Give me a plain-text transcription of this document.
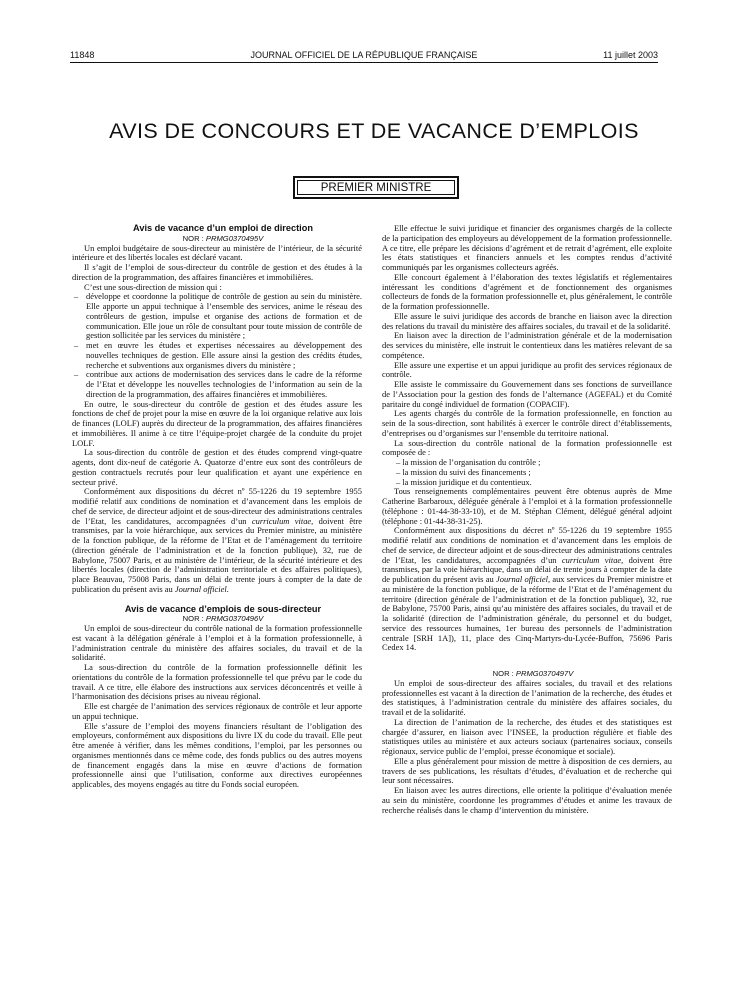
11848	JOURNAL OFFICIEL DE LA RÉPUBLIQUE FRANÇAISE	11 juillet 2003
AVIS DE CONCOURS ET DE VACANCE D’EMPLOIS
PREMIER MINISTRE

Avis de vacance d’un emploi de direction

NOR : PRMG0370495V

Un emploi budgétaire de sous-directeur au ministère de l’intérieur, de la sécurité intérieure et des libertés locales est déclaré vacant.

Il s’agit de l’emploi de sous-directeur du contrôle de gestion et des études à la direction de la programmation, des affaires financières et immobilières.

C’est une sous-direction de mission qui :

– développe et coordonne la politique de contrôle de gestion au sein du ministère. Elle apporte un appui technique à l’ensemble des services, anime le réseau des contrôleurs de gestion, impulse et organise des actions de formation et de communication. Elle joue un rôle de consultant pour toute mission de contrôle de gestion sollicitée par les services du ministère ;

– met en œuvre les études et expertises nécessaires au développement des nouvelles techniques de gestion. Elle assure ainsi la gestion des crédits études, recherche et subventions aux organismes divers du ministère ;

– contribue aux actions de modernisation des services dans le cadre de la réforme de l’Etat et développe les nouvelles technologies de l’information au sein de la direction de la programmation, des affaires financières et immobilières.

En outre, le sous-directeur du contrôle de gestion et des études assure les fonctions de chef de projet pour la mise en œuvre de la loi organique relative aux lois de finances (LOLF) auprès du directeur de la programmation, des affaires financières et immobilières. Il anime à ce titre l’équipe-projet chargée de la conduite du projet LOLF.

La sous-direction du contrôle de gestion et des études comprend vingt-quatre agents, dont dix-neuf de catégorie A. Quatorze d’entre eux sont des contrôleurs de gestion contractuels recrutés pour leur qualification et ayant une expérience en secteur privé.

Conformément aux dispositions du décret nº 55-1226 du 19 septembre 1955 modifié relatif aux conditions de nomination et d’avancement dans les emplois de chef de service, de directeur adjoint et de sous-directeur des administrations centrales de l’Etat, les candidatures, accompagnées d’un curriculum vitae, doivent être transmises, par la voie hiérarchique, aux services du Premier ministre, au ministère de la fonction publique, de la réforme de l’Etat et de l’aménagement du territoire (direction générale de l’administration et de la fonction publique), 32, rue de Babylone, 75007 Paris, et au ministère de l’intérieur, de la sécurité intérieure et des libertés locales (direction de l’administration territoriale et des affaires politiques), place Beauvau, 75008 Paris, dans un délai de trente jours à compter de la date de publication du présent avis au Journal officiel.

Avis de vacance d’emplois de sous-directeur

NOR : PRMG0370496V

Un emploi de sous-directeur du contrôle national de la formation professionnelle est vacant à la délégation générale à l’emploi et à la formation professionnelle, à l’administration centrale du ministère des affaires sociales, du travail et de la solidarité.

La sous-direction du contrôle de la formation professionnelle définit les orientations du contrôle de la formation professionnelle tel que prévu par le code du travail. A ce titre, elle élabore des instructions aux services déconcentrés et veille à l’harmonisation des décisions prises au niveau régional.

Elle est chargée de l’animation des services régionaux de contrôle et leur apporte un appui technique.

Elle s’assure de l’emploi des moyens financiers résultant de l’obligation des employeurs, conformément aux dispositions du livre IX du code du travail. Elle peut être amenée à vérifier, dans les mêmes conditions, l’emploi, par les personnes ou organismes mentionnés dans ce même code, des fonds publics ou des autres moyens de financement engagés dans la mise en œuvre d’actions de formation professionnelle ainsi que l’utilisation, conforme aux directives européennes applicables, des moyens engagés au titre du Fonds social européen.

Elle effectue le suivi juridique et financier des organismes chargés de la collecte de la participation des employeurs au développement de la formation professionnelle. A ce titre, elle prépare les décisions d’agrément et de retrait d’agrément, elle exploite les états statistiques et financiers annuels et les comptes rendus d’activité communiqués par les organismes collecteurs agréés.

Elle concourt également à l’élaboration des textes législatifs et réglementaires intéressant les conditions d’agrément et de fonctionnement des organismes collecteurs de fonds de la formation professionnelle et, plus généralement, le contrôle de la formation professionnelle.

Elle assure le suivi juridique des accords de branche en liaison avec la direction des relations du travail du ministère des affaires sociales, du travail et de la solidarité.

En liaison avec la direction de l’administration générale et de la modernisation des services du ministère, elle instruit le contentieux dans les matières relevant de sa compétence.

Elle assure une expertise et un appui juridique au profit des services régionaux de contrôle.

Elle assiste le commissaire du Gouvernement dans ses fonctions de surveillance de l’Association pour la gestion des fonds de l’alternance (AGEFAL) et du Comité paritaire du congé individuel de formation (COPACIF).

Les agents chargés du contrôle de la formation professionnelle, en fonction au sein de la sous-direction, sont habilités à exercer le contrôle direct d’établissements, d’entreprises ou d’organismes sur l’ensemble du territoire national.

La sous-direction du contrôle national de la formation professionnelle est composée de :

– la mission de l’organisation du contrôle ;

– la mission du suivi des financements ;

– la mission juridique et du contentieux.

Tous renseignements complémentaires peuvent être obtenus auprès de Mme Catherine Barbaroux, déléguée générale à l’emploi et à la formation professionnelle (téléphone : 01-44-38-33-10), et de M. Stéphan Clément, délégué général adjoint (téléphone : 01-44-38-31-25).

Conformément aux dispositions du décret nº 55-1226 du 19 septembre 1955 modifié relatif aux conditions de nomination et d’avancement dans les emplois de chef de service, de directeur adjoint et de sous-directeur des administrations centrales de l’Etat, les candidatures, accompagnées d’un curriculum vitae, doivent être transmises, par la voie hiérarchique, dans un délai de trente jours à compter de la date de publication du présent avis au Journal officiel, aux services du Premier ministre et au ministère de la fonction publique, de la réforme de l’Etat et de l’aménagement du territoire (direction générale de l’administration et de la fonction publique), 32, rue de Babylone, 75700 Paris, ainsi qu’au ministère des affaires sociales, du travail et de la solidarité (direction de l’administration générale, du personnel et du budget, service des ressources humaines, 1er bureau des personnels de l’administration centrale [SRH 1A]), 11, place des Cinq-Martyrs-du-Lycée-Buffon, 75696 Paris Cedex 14.

NOR : PRMG0370497V

Un emploi de sous-directeur des affaires sociales, du travail et des relations professionnelles est vacant à la direction de l’animation de la recherche, des études et des statistiques, à l’administration centrale du ministère des affaires sociales, du travail et de la solidarité.

La direction de l’animation de la recherche, des études et des statistiques est chargée d’assurer, en liaison avec l’INSEE, la production régulière et fiable des statistiques utiles au ministère et aux acteurs sociaux (partenaires sociaux, conseils régionaux, service public de l’emploi, presse économique et sociale).

Elle a plus généralement pour mission de mettre à disposition de ces derniers, au travers de ses publications, les résultats d’études, d’évaluation et de recherche qui leur sont nécessaires.

En liaison avec les autres directions, elle oriente la politique d’évaluation menée au sein du ministère, coordonne les programmes d’études et anime les travaux de recherche réalisés dans le champ d’intervention du ministère.
